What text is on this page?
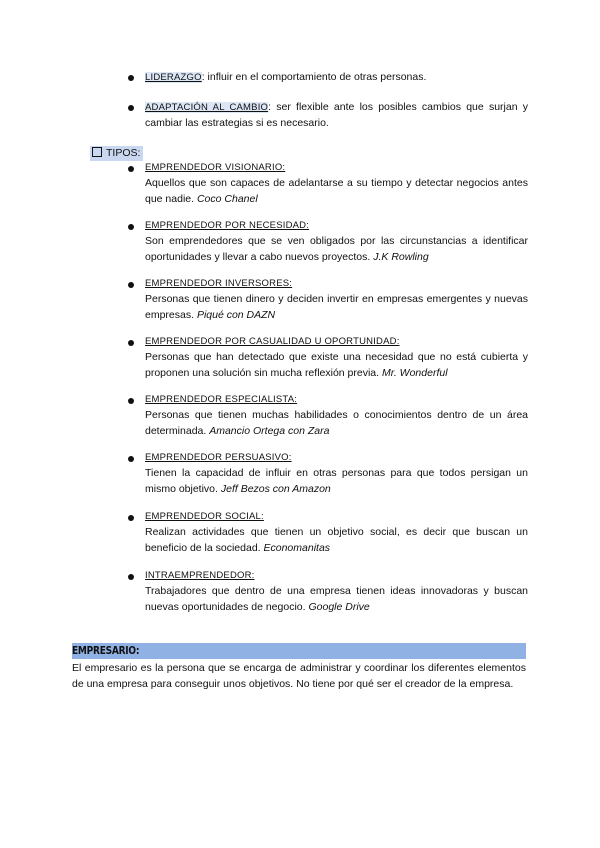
LIDERAZGO: influir en el comportamiento de otras personas.
ADAPTACIÓN AL CAMBIO: ser flexible ante los posibles cambios que surjan y cambiar las estrategias si es necesario.
TIPOS:
EMPRENDEDOR VISIONARIO:
Aquellos que son capaces de adelantarse a su tiempo y detectar negocios antes que nadie. Coco Chanel
EMPRENDEDOR POR NECESIDAD:
Son emprendedores que se ven obligados por las circunstancias a identificar oportunidades y llevar a cabo nuevos proyectos. J.K Rowling
EMPRENDEDOR INVERSORES:
Personas que tienen dinero y deciden invertir en empresas emergentes y nuevas empresas. Piqué con DAZN
EMPRENDEDOR POR CASUALIDAD U OPORTUNIDAD:
Personas que han detectado que existe una necesidad que no está cubierta y proponen una solución sin mucha reflexión previa. Mr. Wonderful
EMPRENDEDOR ESPECIALISTA:
Personas que tienen muchas habilidades o conocimientos dentro de un área determinada. Amancio Ortega con Zara
EMPRENDEDOR PERSUASIVO:
Tienen la capacidad de influir en otras personas para que todos persigan un mismo objetivo. Jeff Bezos con Amazon
EMPRENDEDOR SOCIAL:
Realizan actividades que tienen un objetivo social, es decir que buscan un beneficio de la sociedad. Economanitas
INTRAEMPRENDEDOR:
Trabajadores que dentro de una empresa tienen ideas innovadoras y buscan nuevas oportunidades de negocio. Google Drive
EMPRESARIO:
El empresario es la persona que se encarga de administrar y coordinar los diferentes elementos de una empresa para conseguir unos objetivos. No tiene por qué ser el creador de la empresa.
